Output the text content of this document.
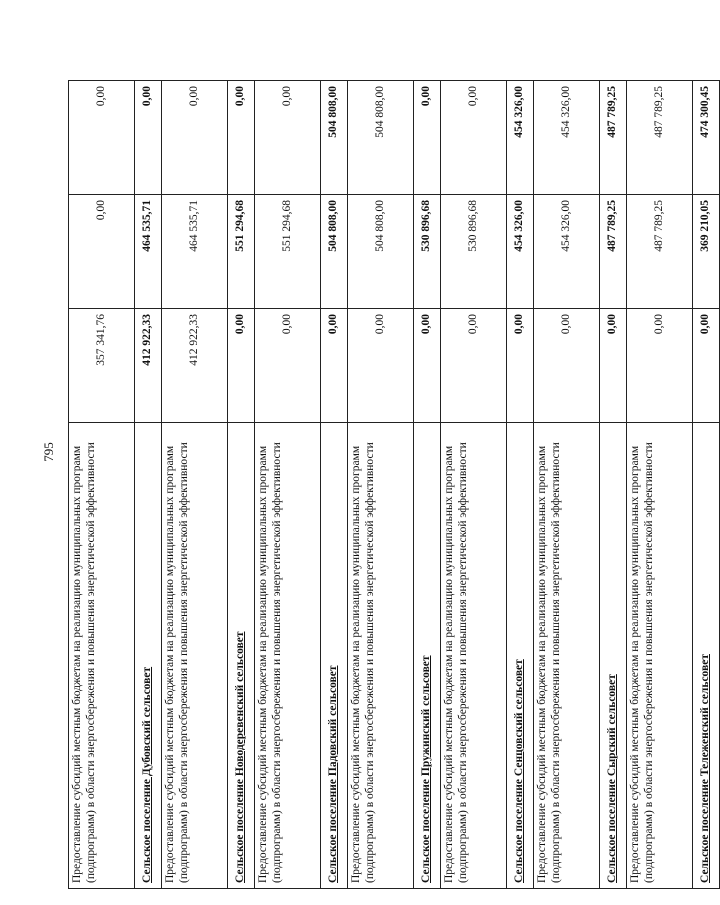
795 Предоставление субсидий местным бюджетам на реализацию муниципальных программ (подпрограмм) в области энергосбережения и повышения энергетической эффективности	357 341,76	0,00	0,00
Сельское поселение Дубовский сельсовет	412 922,33	464 535,71	0,00
Предоставление субсидий местным бюджетам на реализацию муниципальных программ (подпрограмм) в области энергосбережения и повышения энергетической эффективности	412 922,33	464 535,71	0,00
Сельское поселение Новодеревенский сельсовет	0,00	551 294,68	0,00
Предоставление субсидий местным бюджетам на реализацию муниципальных программ (подпрограмм) в области энергосбережения и повышения энергетической эффективности	0,00	551 294,68	0,00
Сельское поселение Падовский сельсовет	0,00	504 808,00	504 808,00
Предоставление субсидий местным бюджетам на реализацию муниципальных программ (подпрограмм) в области энергосбережения и повышения энергетической эффективности	0,00	504 808,00	504 808,00
Сельское поселение Пружинский сельсовет	0,00	530 896,68	0,00
Предоставление субсидий местным бюджетам на реализацию муниципальных программ (подпрограмм) в области энергосбережения и повышения энергетической эффективности	0,00	530 896,68	0,00
Сельское поселение Сенцовский сельсовет	0,00	454 326,00	454 326,00
Предоставление субсидий местным бюджетам на реализацию муниципальных программ (подпрограмм) в области энергосбережения и повышения энергетической эффективности	0,00	454 326,00	454 326,00
Сельское поселение Сырский сельсовет	0,00	487 789,25	487 789,25
Предоставление субсидий местным бюджетам на реализацию муниципальных программ (подпрограмм) в области энергосбережения и повышения энергетической эффективности	0,00	487 789,25	487 789,25
Сельское поселение Тележенский сельсовет	0,00	369 210,05	474 300,45
